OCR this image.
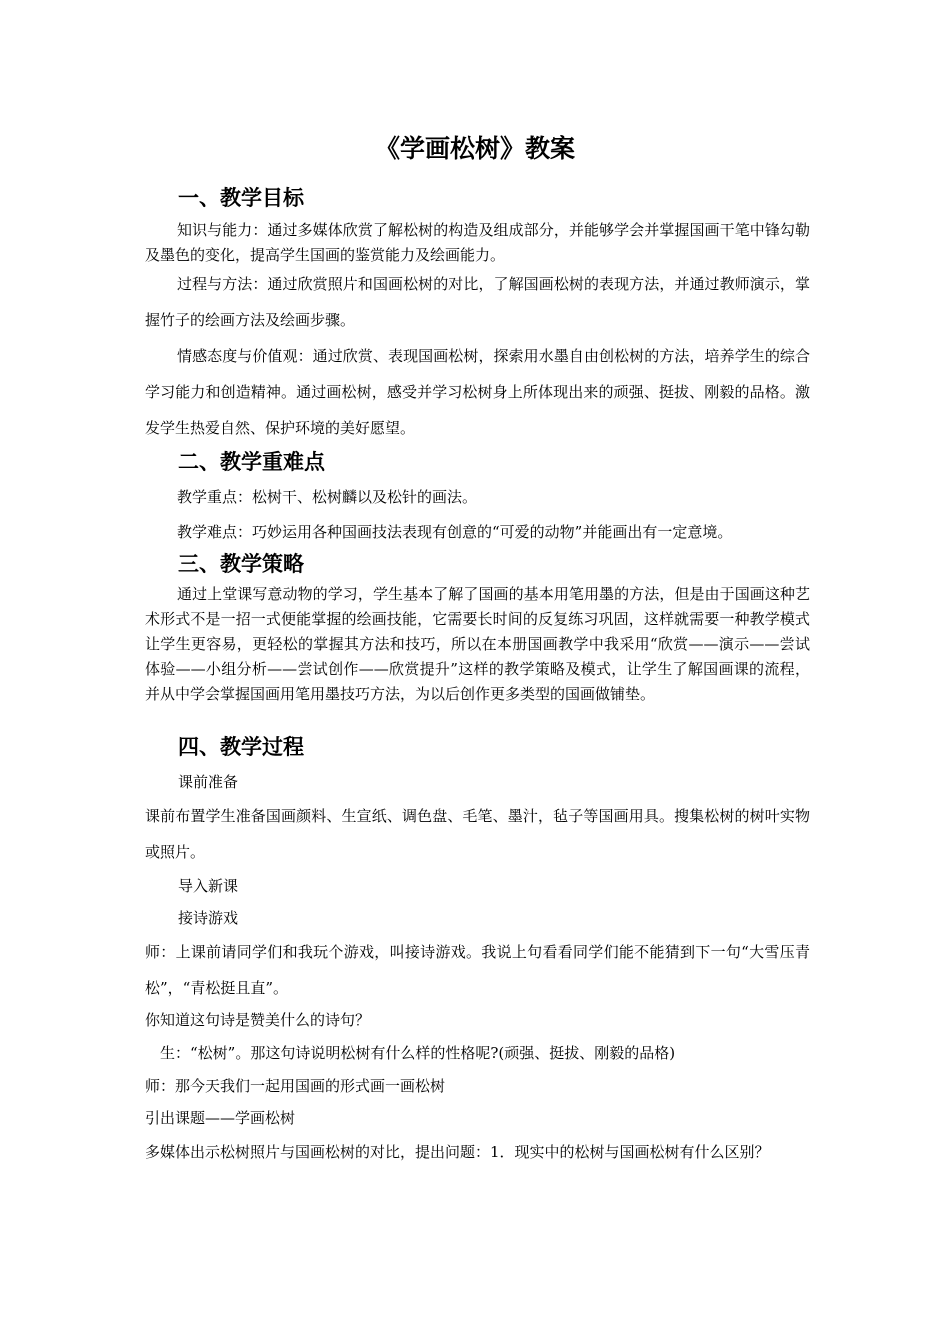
《学画松树》教案
一、教学目标

知识与能力：通过多媒体欣赏了解松树的构造及组成部分，并能够学会并掌握国画干笔中锋勾勒及墨色的变化，提高学生国画的鉴赏能力及绘画能力。

过程与方法：通过欣赏照片和国画松树的对比，了解国画松树的表现方法，并通过教师演示，掌握竹子的绘画方法及绘画步骤。

情感态度与价值观：通过欣赏、表现国画松树，探索用水墨自由创松树的方法，培养学生的综合学习能力和创造精神。通过画松树，感受并学习松树身上所体现出来的顽强、挺拔、刚毅的品格。激发学生热爱自然、保护环境的美好愿望。

二、教学重难点

教学重点：松树干、松树麟以及松针的画法。

教学难点：巧妙运用各种国画技法表现有创意的“可爱的动物”并能画出有一定意境。

三、教学策略

通过上堂课写意动物的学习，学生基本了解了国画的基本用笔用墨的方法，但是由于国画这种艺术形式不是一招一式便能掌握的绘画技能，它需要长时间的反复练习巩固，这样就需要一种教学模式让学生更容易，更轻松的掌握其方法和技巧，所以在本册国画教学中我采用“欣赏——演示——尝试体验——小组分析——尝试创作——欣赏提升”这样的教学策略及模式，让学生了解国画课的流程，并从中学会掌握国画用笔用墨技巧方法，为以后创作更多类型的国画做铺垫。

四、教学过程
课前准备

课前布置学生准备国画颜料、生宣纸、调色盘、毛笔、墨汁，毡子等国画用具。搜集松树的树叶实物或照片。

导入新课
接诗游戏

师：上课前请同学们和我玩个游戏，叫接诗游戏。我说上句看看同学们能不能猜到下一句“大雪压青松”，“青松挺且直”。

你知道这句诗是赞美什么的诗句？
生：“松树”。那这句诗说明松树有什么样的性格呢?(顽强、挺拔、刚毅的品格)
师：那今天我们一起用国画的形式画一画松树
引出课题——学画松树

多媒体出示松树照片与国画松树的对比，提出问题：1．现实中的松树与国画松树有什么区别？
